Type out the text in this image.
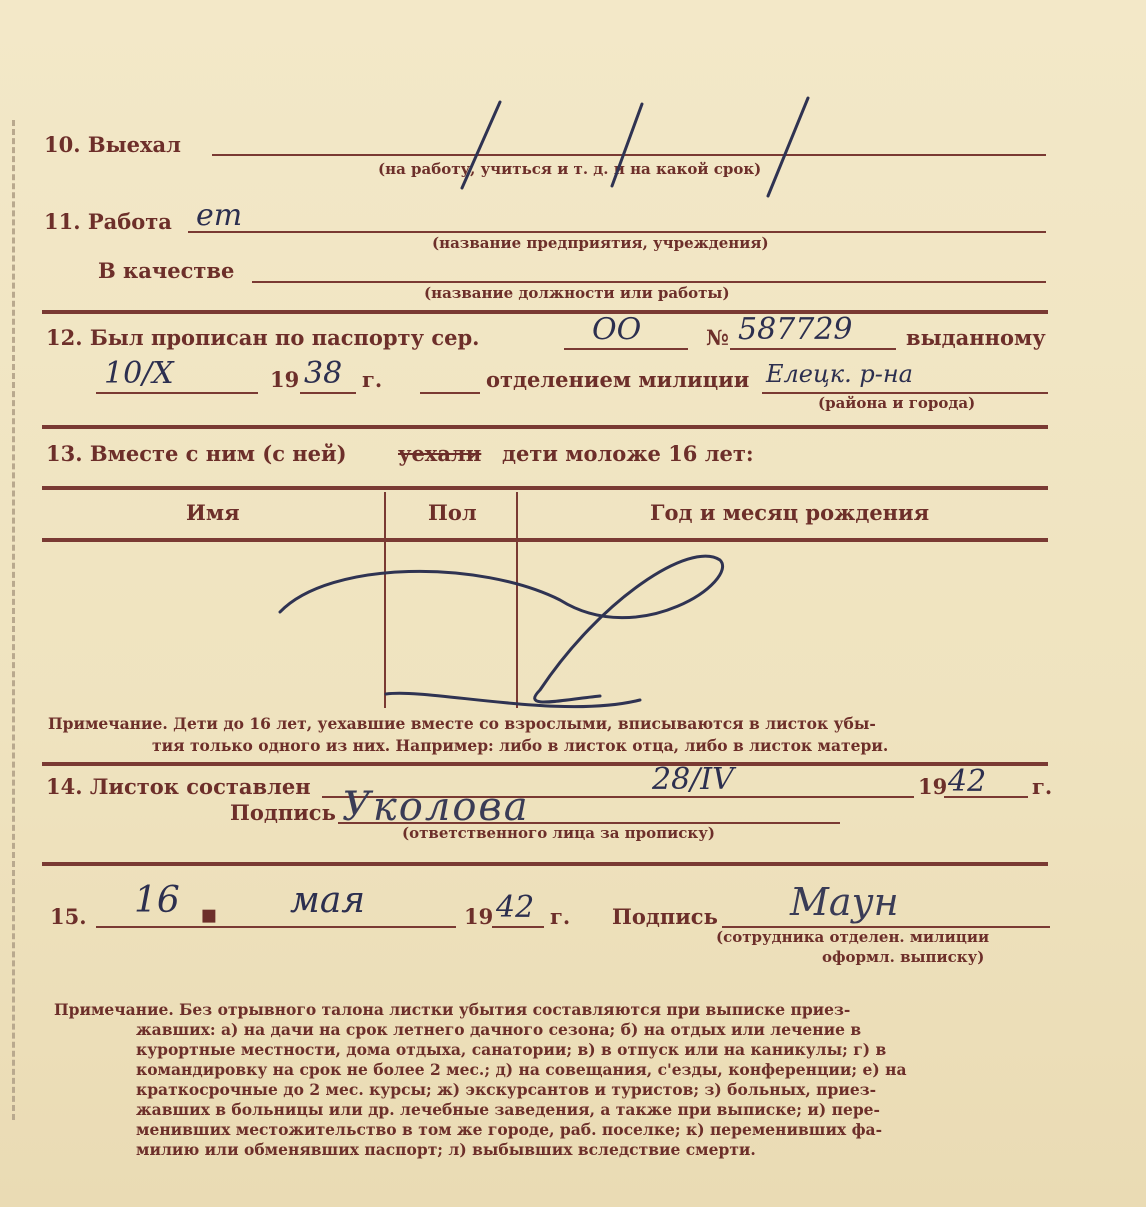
10. Выехал
(на работу, учиться и т. д. и на какой срок)
11. Работа ет
(название предприятия, учреждения)
В качестве
(название должности или работы)
12. Был прописан по паспорту сер.	ОО	№ 587729	выданному
10/X	19 38 г.	отделением милиции Елецк. р-на
(района и города)
13. Вместе с ним (с ней) уехали дети моложе 16 лет:
Имя	Пол	Год и месяц рождения
Примечание. Дети до 16 лет, уехавшие вместе со взрослыми, вписываются в листок убы-
тия только одного из них. Например: либо в листок отца, либо в листок матери.
14. Листок составлен	28/IV	19 42 г.
Подпись Уколова
(ответственного лица за прописку)
15. 16 ▪ мая	19 42 г. Подпись Маун
(сотрудника отделен. милиции
оформл. выписку)
Примечание. Без отрывного талона листки убытия составляются при выписке приез-
жавших: а) на дачи на срок летнего дачного сезона; б) на отдых или лечение в
курортные местности, дома отдыха, санатории; в) в отпуск или на каникулы; г) в
командировку на срок не более 2 мес.; д) на совещания, с'езды, конференции; е) на
краткосрочные до 2 мес. курсы; ж) экскурсантов и туристов; з) больных, приез-
жавших в больницы или др. лечебные заведения, а также при выписке; и) пере-
менивших местожительство в том же городе, раб. поселке; к) переменивших фа-
милию или обменявших паспорт; л) выбывших вследствие смерти.
